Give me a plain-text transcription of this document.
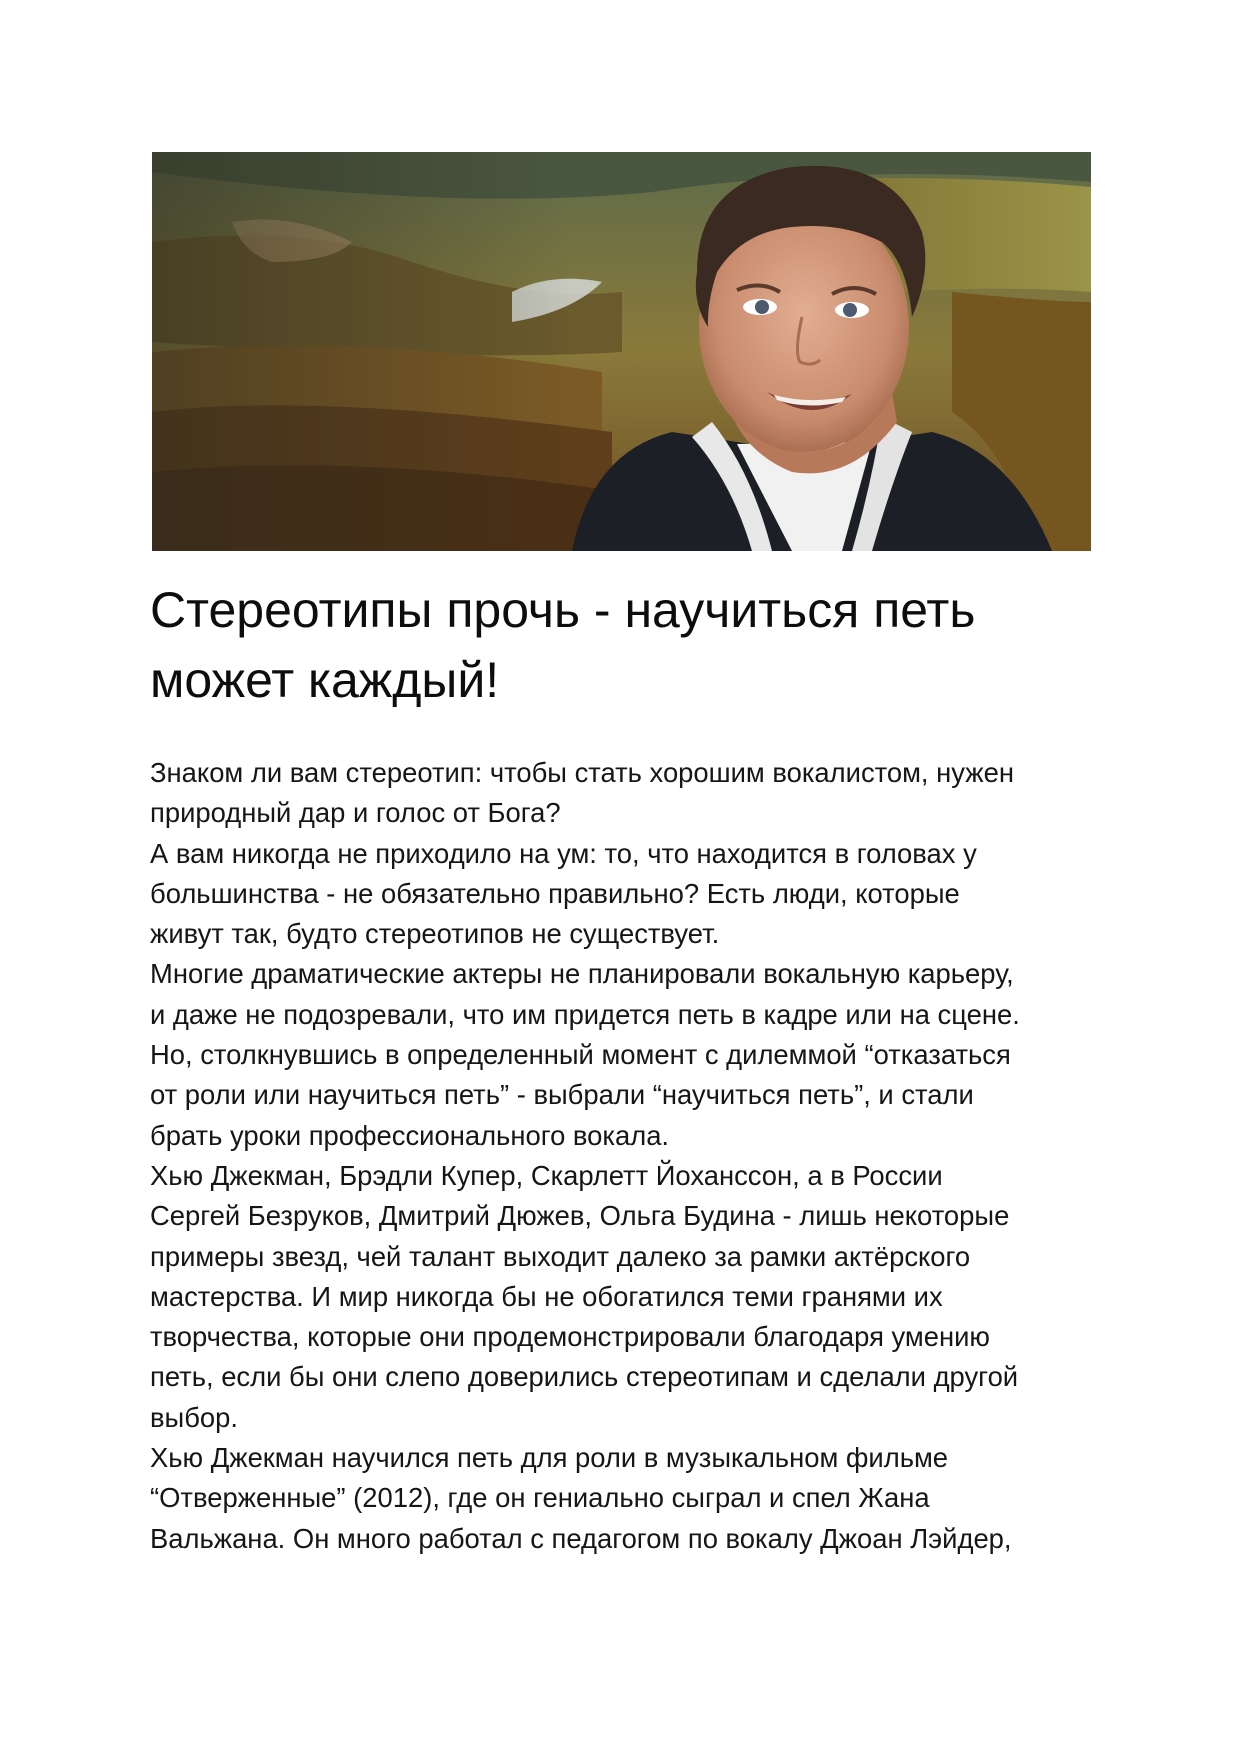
Стереотипы прочь - научиться петь
может каждый!
Знаком ли вам стереотип: чтобы стать хорошим вокалистом, нужен
природный дар и голос от Бога?
А вам никогда не приходило на ум: то, что находится в головах у
большинства - не обязательно правильно? Есть люди, которые
живут так, будто стереотипов не существует.
Многие драматические актеры не планировали вокальную карьеру,
и даже не подозревали, что им придется петь в кадре или на сцене.
Но, столкнувшись в определенный момент с дилеммой “отказаться
от роли или научиться петь” - выбрали “научиться петь”, и стали
брать уроки профессионального вокала.
Хью Джекман, Брэдли Купер, Скарлетт Йоханссон, а в России
Сергей Безруков, Дмитрий Дюжев, Ольга Будина - лишь некоторые
примеры звезд, чей талант выходит далеко за рамки актёрского
мастерства. И мир никогда бы не обогатился теми гранями их
творчества, которые они продемонстрировали благодаря умению
петь, если бы они слепо доверились стереотипам и сделали другой
выбор.
Хью Джекман научился петь для роли в музыкальном фильме
“Отверженные” (2012), где он гениально сыграл и спел Жана
Вальжана. Он много работал с педагогом по вокалу Джоан Лэйдер,
